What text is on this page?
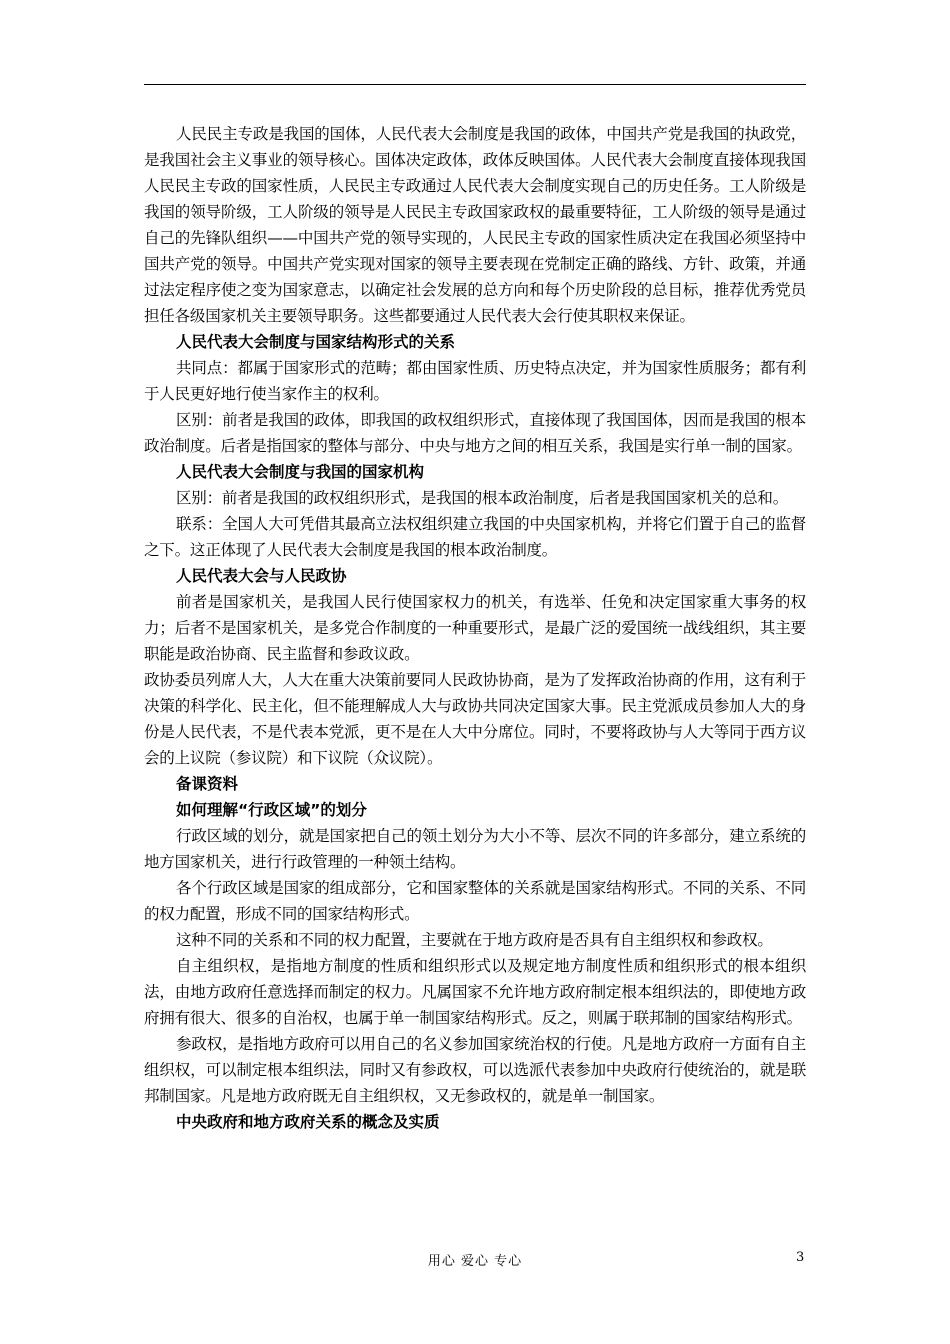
人民民主专政是我国的国体，人民代表大会制度是我国的政体，中国共产党是我国的执政党，是我国社会主义事业的领导核心。国体决定政体，政体反映国体。人民代表大会制度直接体现我国人民民主专政的国家性质，人民民主专政通过人民代表大会制度实现自己的历史任务。工人阶级是我国的领导阶级，工人阶级的领导是人民民主专政国家政权的最重要特征，工人阶级的领导是通过自己的先锋队组织——中国共产党的领导实现的，人民民主专政的国家性质决定在我国必须坚持中国共产党的领导。中国共产党实现对国家的领导主要表现在党制定正确的路线、方针、政策，并通过法定程序使之变为国家意志，以确定社会发展的总方向和每个历史阶段的总目标，推荐优秀党员担任各级国家机关主要领导职务。这些都要通过人民代表大会行使其职权来保证。

人民代表大会制度与国家结构形式的关系

共同点：都属于国家形式的范畴；都由国家性质、历史特点决定，并为国家性质服务；都有利于人民更好地行使当家作主的权利。

区别：前者是我国的政体，即我国的政权组织形式，直接体现了我国国体，因而是我国的根本政治制度。后者是指国家的整体与部分、中央与地方之间的相互关系，我国是实行单一制的国家。

人民代表大会制度与我国的国家机构

区别：前者是我国的政权组织形式，是我国的根本政治制度，后者是我国国家机关的总和。

联系：全国人大可凭借其最高立法权组织建立我国的中央国家机构，并将它们置于自己的监督之下。这正体现了人民代表大会制度是我国的根本政治制度。

人民代表大会与人民政协

前者是国家机关，是我国人民行使国家权力的机关，有选举、任免和决定国家重大事务的权力；后者不是国家机关，是多党合作制度的一种重要形式，是最广泛的爱国统一战线组织，其主要职能是政治协商、民主监督和参政议政。

政协委员列席人大，人大在重大决策前要同人民政协协商，是为了发挥政治协商的作用，这有利于决策的科学化、民主化，但不能理解成人大与政协共同决定国家大事。民主党派成员参加人大的身份是人民代表，不是代表本党派，更不是在人大中分席位。同时，不要将政协与人大等同于西方议会的上议院（参议院）和下议院（众议院）。

备课资料

如何理解“行政区域”的划分

行政区域的划分，就是国家把自己的领土划分为大小不等、层次不同的许多部分，建立系统的地方国家机关，进行行政管理的一种领土结构。

各个行政区域是国家的组成部分，它和国家整体的关系就是国家结构形式。不同的关系、不同的权力配置，形成不同的国家结构形式。

这种不同的关系和不同的权力配置，主要就在于地方政府是否具有自主组织权和参政权。

自主组织权，是指地方制度的性质和组织形式以及规定地方制度性质和组织形式的根本组织法，由地方政府任意选择而制定的权力。凡属国家不允许地方政府制定根本组织法的，即使地方政府拥有很大、很多的自治权，也属于单一制国家结构形式。反之，则属于联邦制的国家结构形式。

参政权，是指地方政府可以用自己的名义参加国家统治权的行使。凡是地方政府一方面有自主组织权，可以制定根本组织法，同时又有参政权，可以选派代表参加中央政府行使统治的，就是联邦制国家。凡是地方政府既无自主组织权，又无参政权的，就是单一制国家。

中央政府和地方政府关系的概念及实质

用心 爱心 专心	3
